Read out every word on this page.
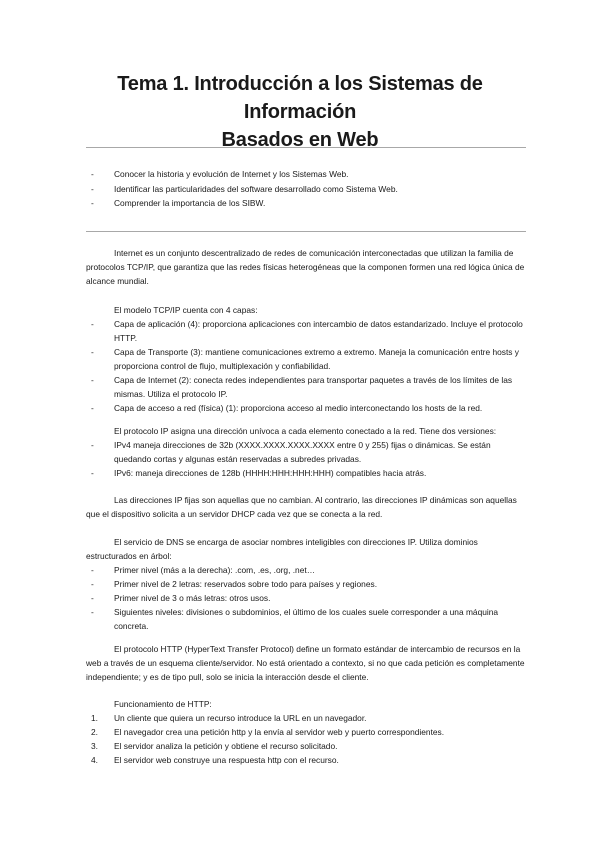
Tema 1. Introducción a los Sistemas de Información
Basados en Web
- Conocer la historia y evolución de Internet y los Sistemas Web.
- Identificar las particularidades del software desarrollado como Sistema Web.
- Comprender la importancia de los SIBW.

Internet es un conjunto descentralizado de redes de comunicación interconectadas que utilizan la familia de protocolos TCP/IP, que garantiza que las redes físicas heterogéneas que la componen formen una red lógica única de alcance mundial.

El modelo TCP/IP cuenta con 4 capas:

- Capa de aplicación (4): proporciona aplicaciones con intercambio de datos estandarizado. Incluye el protocolo HTTP.
- Capa de Transporte (3): mantiene comunicaciones extremo a extremo. Maneja la comunicación entre hosts y proporciona control de flujo, multiplexación y confiabilidad.
- Capa de Internet (2): conecta redes independientes para transportar paquetes a través de los límites de las mismas. Utiliza el protocolo IP.
- Capa de acceso a red (física) (1): proporciona acceso al medio interconectando los hosts de la red.

El protocolo IP asigna una dirección unívoca a cada elemento conectado a la red. Tiene dos versiones:

- IPv4 maneja direcciones de 32b (XXXX.XXXX.XXXX.XXXX entre 0 y 255) fijas o dinámicas. Se están quedando cortas y algunas están reservadas a subredes privadas.
- IPv6: maneja direcciones de 128b (HHHH:HHH:HHH:HHH) compatibles hacia atrás.

Las direcciones IP fijas son aquellas que no cambian. Al contrario, las direcciones IP dinámicas son aquellas que el dispositivo solicita a un servidor DHCP cada vez que se conecta a la red.

El servicio de DNS se encarga de asociar nombres inteligibles con direcciones IP. Utiliza dominios estructurados en árbol:

- Primer nivel (más a la derecha): .com, .es, .org, .net…
- Primer nivel de 2 letras: reservados sobre todo para países y regiones.
- Primer nivel de 3 o más letras: otros usos.
- Siguientes niveles: divisiones o subdominios, el último de los cuales suele corresponder a una máquina concreta.

El protocolo HTTP (HyperText Transfer Protocol) define un formato estándar de intercambio de recursos en la web a través de un esquema cliente/servidor. No está orientado a contexto, si no que cada petición es completamente independiente; y es de tipo pull, solo se inicia la interacción desde el cliente.

Funcionamiento de HTTP:

1. Un cliente que quiera un recurso introduce la URL en un navegador.
2. El navegador crea una petición http y la envía al servidor web y puerto correspondientes.
3. El servidor analiza la petición y obtiene el recurso solicitado.
4. El servidor web construye una respuesta http con el recurso.
